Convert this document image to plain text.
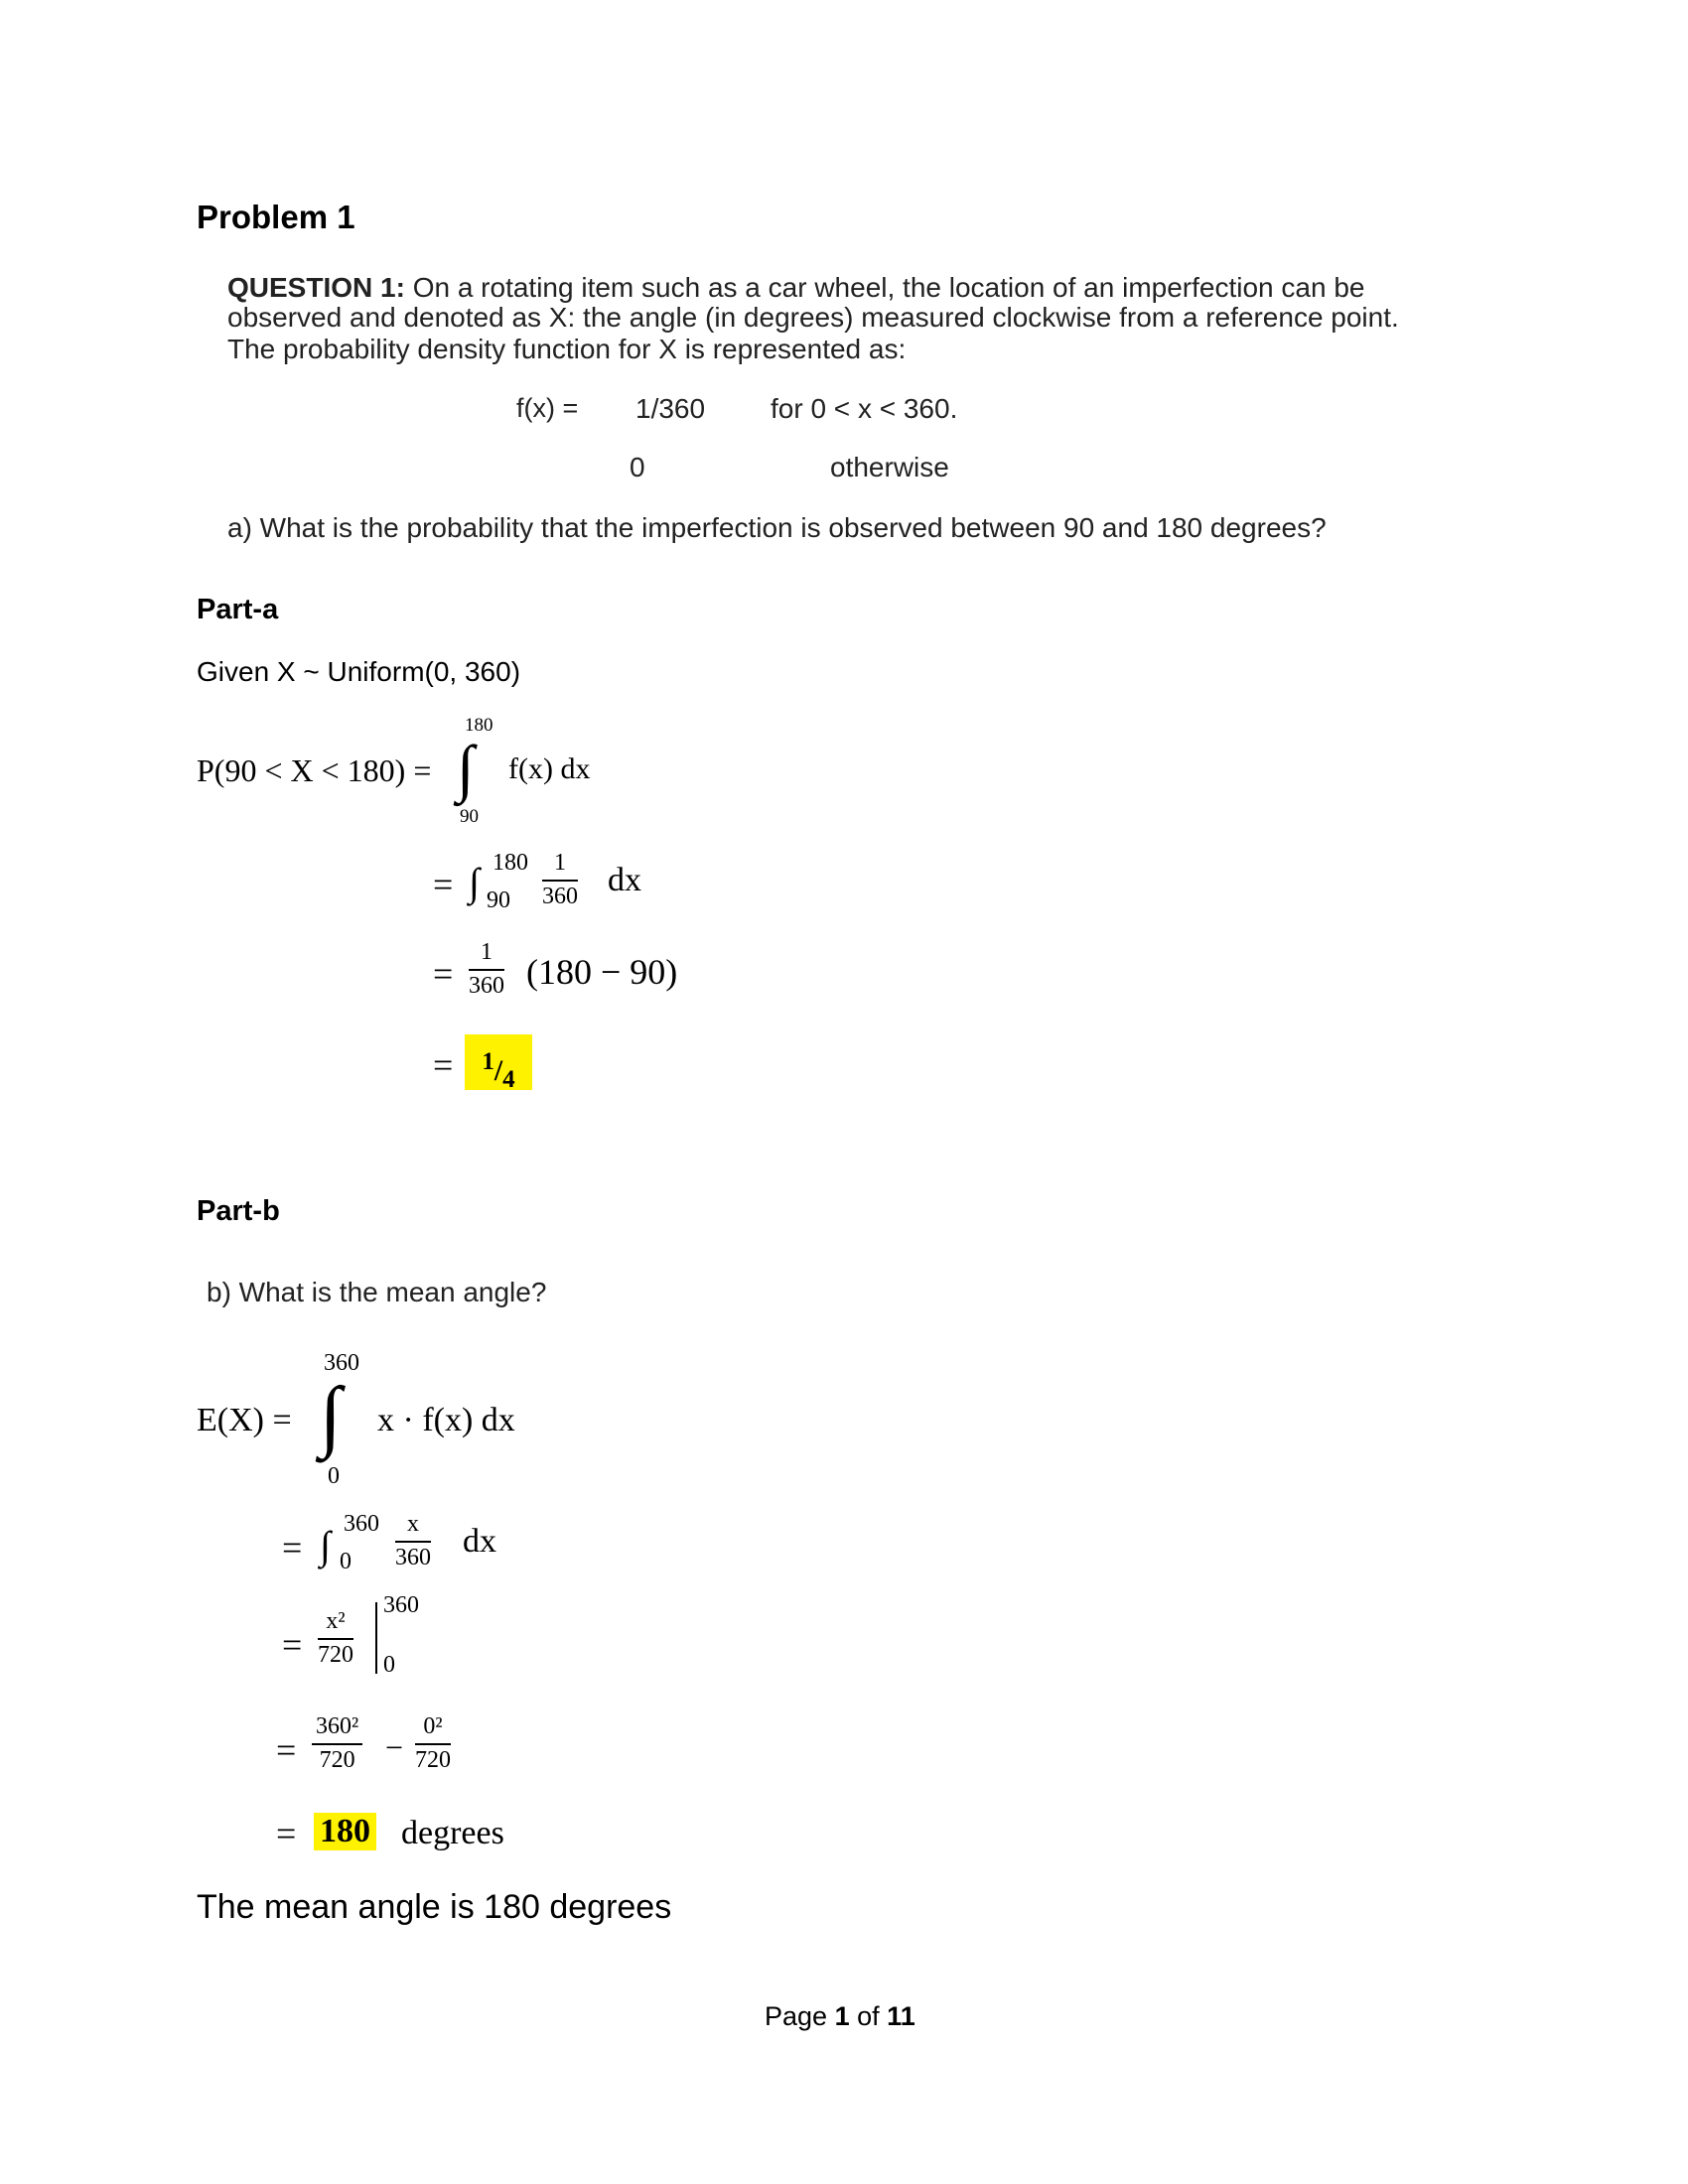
Problem 1
QUESTION 1: On a rotating item such as a car wheel, the location of an imperfection can be
observed and denoted as X: the angle (in degrees) measured clockwise from a reference point.
The probability density function for X is represented as:
f(x) = 1/360 for 0 < x < 360.
0	otherwise
a) What is the probability that the imperfection is observed between 90 and 180 degrees?
Part-a
Given X ~ Uniform(0, 360)
P(90 < X < 180) =
180
∫
90
f(x) dx
= ∫ 180
$90 \frac{1}{360}$ dx
= $\frac{1}{360} (180 - 90)$
=	$^1/_4$
Part-b
b) What is the mean angle?
E(X) =
360
∫
0
x · f(x) dx
= ∫ 360
$0 \frac{x}{360}$ dx
= $\frac{\text{x²}}{720}$
360
0
= $\frac{\text{360²}}{720} - \frac{\text{0²}}{720}$
= 180 degrees
The mean angle is 180 degrees
Page 1 of 11
